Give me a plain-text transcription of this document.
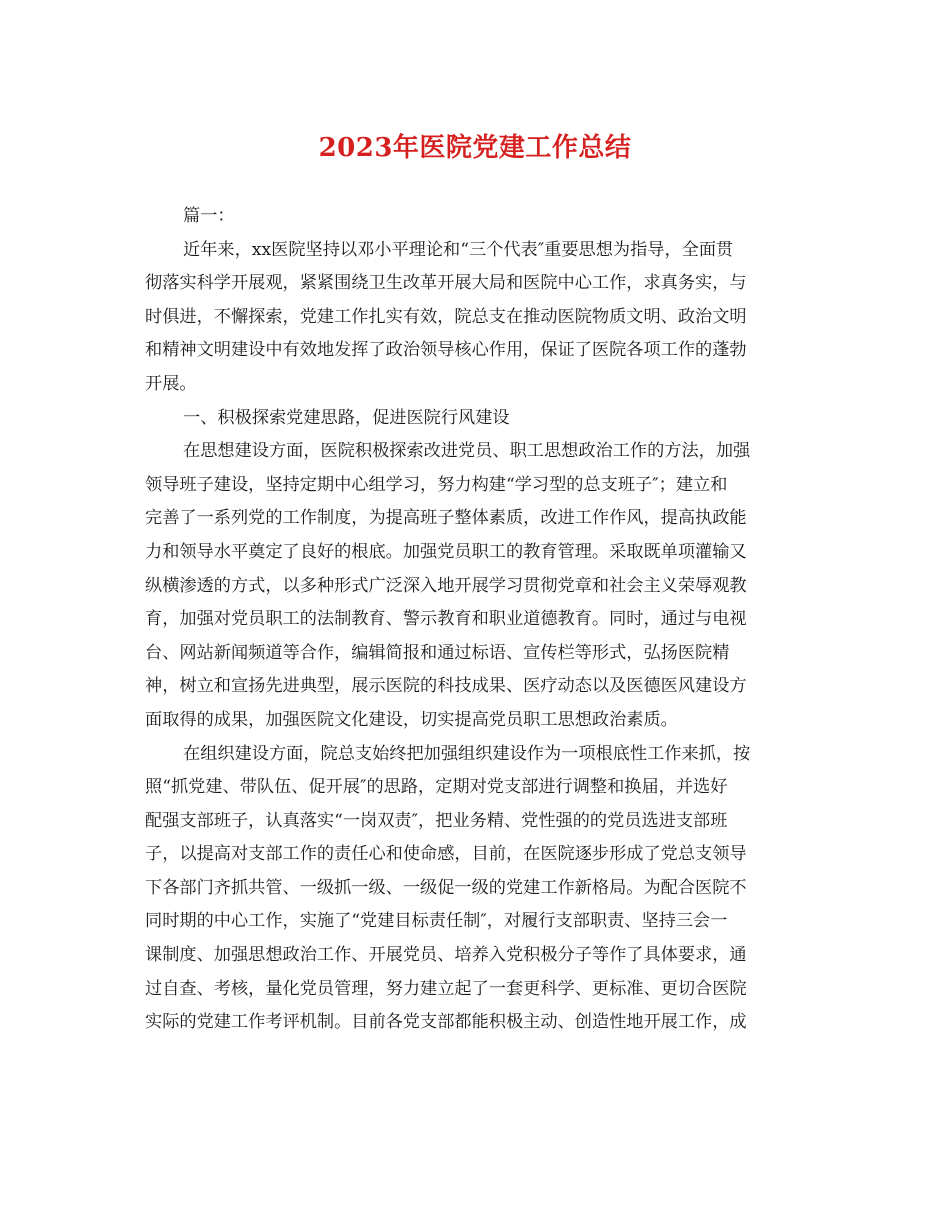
2023年医院党建工作总结

篇一：

近年来，xx医院坚持以邓小平理论和“三个代表″重要思想为指导，全面贯
彻落实科学开展观，紧紧围绕卫生改革开展大局和医院中心工作，求真务实，与
时俱进，不懈探索，党建工作扎实有效，院总支在推动医院物质文明、政治文明
和精神文明建设中有效地发挥了政治领导核心作用，保证了医院各项工作的蓬勃
开展。

一、积极探索党建思路，促进医院行风建设

在思想建设方面，医院积极探索改进党员、职工思想政治工作的方法，加强
领导班子建设，坚持定期中心组学习，努力构建“学习型的总支班子″；建立和
完善了一系列党的工作制度，为提高班子整体素质，改进工作作风，提高执政能
力和领导水平奠定了良好的根底。加强党员职工的教育管理。采取既单项灌输又
纵横渗透的方式，以多种形式广泛深入地开展学习贯彻党章和社会主义荣辱观教
育，加强对党员职工的法制教育、警示教育和职业道德教育。同时，通过与电视
台、网站新闻频道等合作，编辑简报和通过标语、宣传栏等形式，弘扬医院精
神，树立和宣扬先进典型，展示医院的科技成果、医疗动态以及医德医风建设方
面取得的成果，加强医院文化建设，切实提高党员职工思想政治素质。

在组织建设方面，院总支始终把加强组织建设作为一项根底性工作来抓，按
照“抓党建、带队伍、促开展″的思路，定期对党支部进行调整和换届，并选好
配强支部班子，认真落实“一岗双责″，把业务精、党性强的的党员选进支部班
子，以提高对支部工作的责任心和使命感，目前，在医院逐步形成了党总支领导
下各部门齐抓共管、一级抓一级、一级促一级的党建工作新格局。为配合医院不
同时期的中心工作，实施了“党建目标责任制″，对履行支部职责、坚持三会一
课制度、加强思想政治工作、开展党员、培养入党积极分子等作了具体要求，通
过自查、考核，量化党员管理，努力建立起了一套更科学、更标准、更切合医院
实际的党建工作考评机制。目前各党支部都能积极主动、创造性地开展工作，成
